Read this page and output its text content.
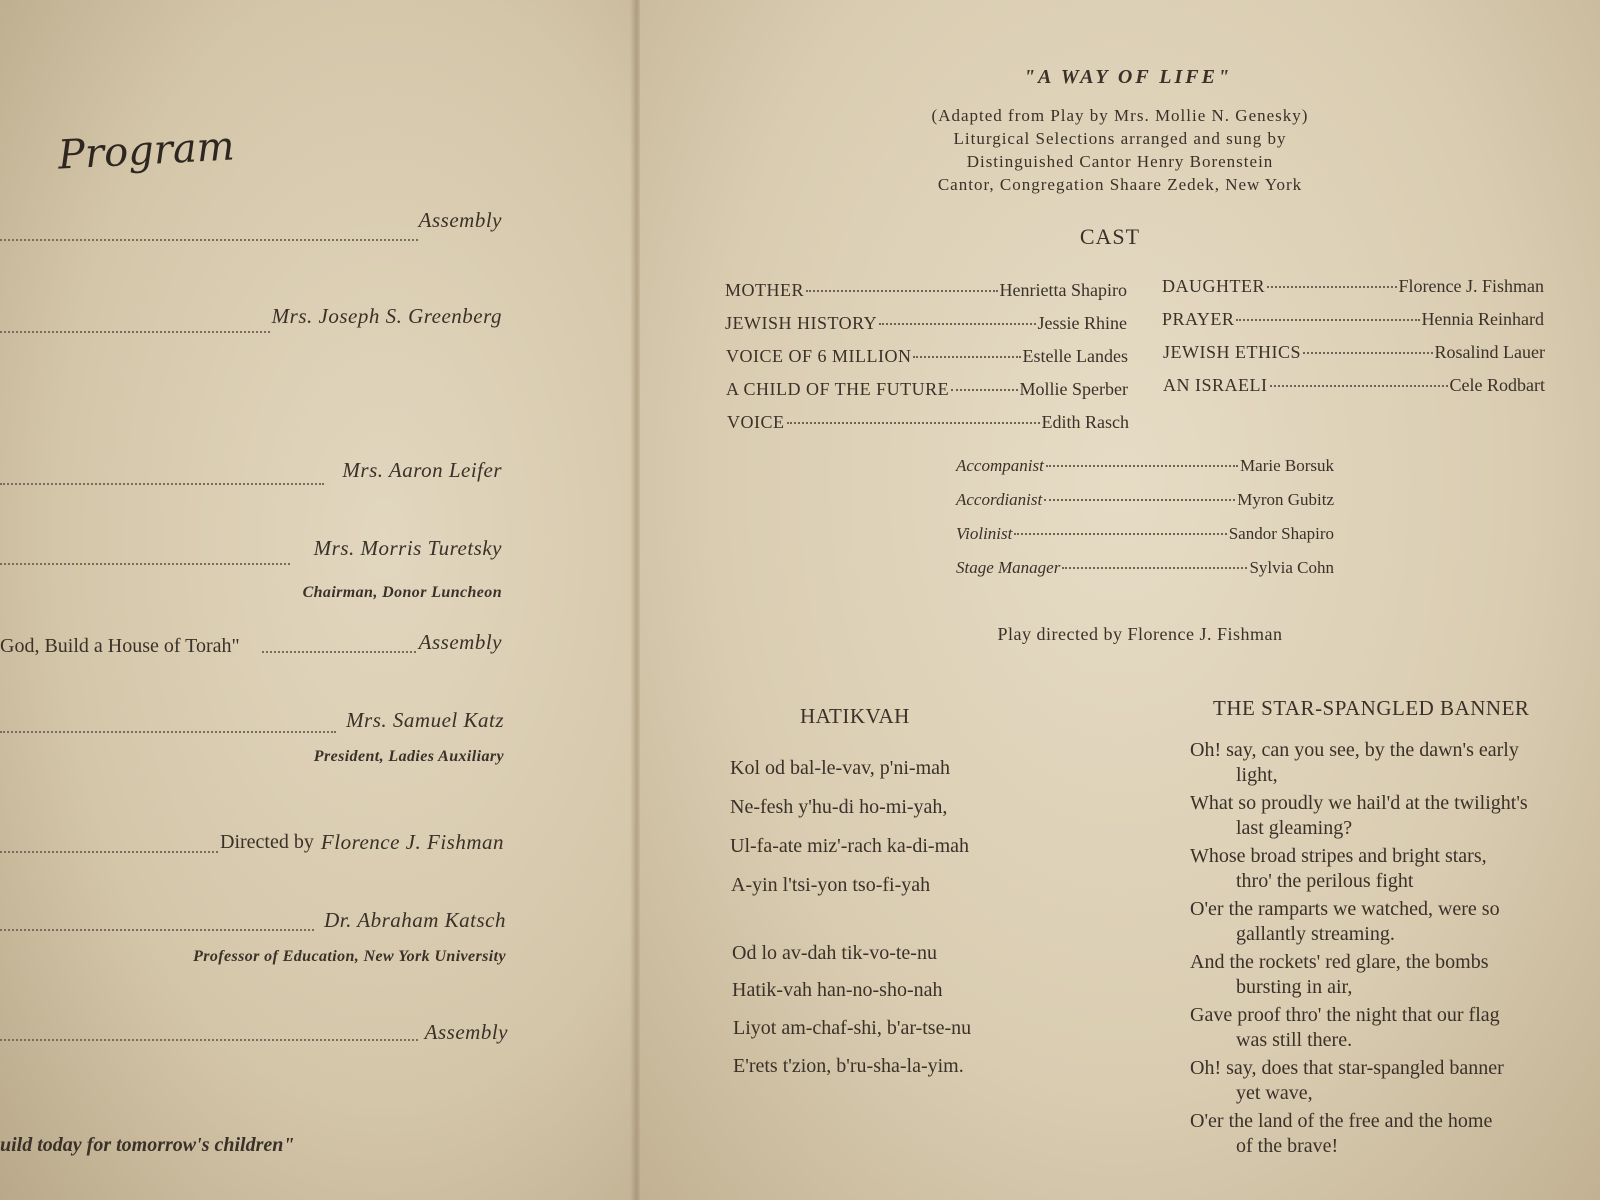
Program
Assembly
Mrs. Joseph S. Greenberg
Mrs. Aaron Leifer
Mrs. Morris Turetsky
Chairman, Donor Luncheon
God, Build a House of Torah"	Assembly
Mrs. Samuel Katz
President, Ladies Auxiliary
Directed by Florence J. Fishman
Dr. Abraham Katsch
Professor of Education, New York University
Assembly
uild today for tomorrow's children"
"A WAY OF LIFE"
(Adapted from Play by Mrs. Mollie N. Genesky)
Liturgical Selections arranged and sung by
Distinguished Cantor Henry Borenstein
Cantor, Congregation Shaare Zedek, New York
CAST
MOTHER	Henrietta Shapiro
JEWISH HISTORY	Jessie Rhine
VOICE OF 6 MILLION	Estelle Landes
A CHILD OF THE FUTURE	Mollie Sperber
VOICE	Edith Rasch
DAUGHTER	Florence J. Fishman
PRAYER	Hennia Reinhard
JEWISH ETHICS	Rosalind Lauer
AN ISRAELI	Cele Rodbart
Accompanist	Marie Borsuk
Accordianist	Myron Gubitz
Violinist	Sandor Shapiro
Stage Manager	Sylvia Cohn
Play directed by Florence J. Fishman
HATIKVAH
Kol od bal-le-vav, p'ni-mah
Ne-fesh y'hu-di ho-mi-yah,
Ul-fa-ate miz'-rach ka-di-mah
A-yin l'tsi-yon tso-fi-yah
Od lo av-dah tik-vo-te-nu
Hatik-vah han-no-sho-nah
Liyot am-chaf-shi, b'ar-tse-nu
E'rets t'zion, b'ru-sha-la-yim.
THE STAR-SPANGLED BANNER
Oh! say, can you see, by the dawn's early
light,
What so proudly we hail'd at the twilight's
last gleaming?
Whose broad stripes and bright stars,
thro' the perilous fight
O'er the ramparts we watched, were so
gallantly streaming.
And the rockets' red glare, the bombs
bursting in air,
Gave proof thro' the night that our flag
was still there.
Oh! say, does that star-spangled banner
yet wave,
O'er the land of the free and the home
of the brave!
